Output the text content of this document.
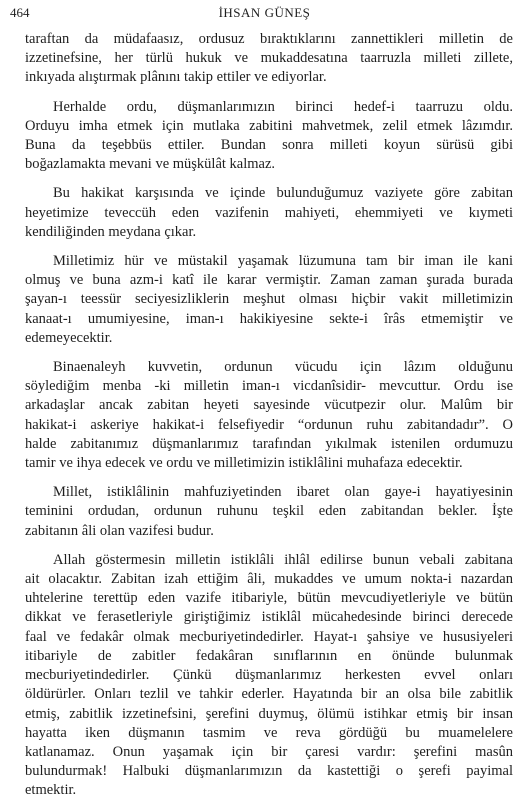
464	İHSAN GÜNEŞ

taraftan da müdafaasız, ordusuz bıraktıklarını zannettikleri milletin de
izzetinefsine, her türlü hukuk ve mukaddesatına taarruzla milleti zillete,
inkıyada alıştırmak plânını takip ettiler ve ediyorlar.

Herhalde ordu, düşmanlarımızın birinci hedef-i taarruzu oldu.
Orduyu imha etmek için mutlaka zabitini mahvetmek, zelil etmek lâzımdır.
Buna da teşebbüs ettiler. Bundan sonra milleti koyun sürüsü gibi
boğazlamakta mevani ve müşkülât kalmaz.

Bu hakikat karşısında ve içinde bulunduğumuz vaziyete göre zabitan
heyetimize teveccüh eden vazifenin mahiyeti, ehemmiyeti ve kıymeti
kendiliğinden meydana çıkar.

Milletimiz hür ve müstakil yaşamak lüzumuna tam bir iman ile kani
olmuş ve buna azm-i katî ile karar vermiştir. Zaman zaman şurada burada
şayan-ı teessür seciyesizliklerin meşhut olması hiçbir vakit milletimizin
kanaat-ı umumiyesine, iman-ı hakikiyesine sekte-i îrâs etmemiştir ve
edemeyecektir.

Binaenaleyh kuvvetin, ordunun vücudu için lâzım olduğunu
söylediğim menba -ki milletin iman-ı vicdanîsidir- mevcuttur. Ordu ise
arkadaşlar ancak zabitan heyeti sayesinde vücutpezir olur. Malûm bir
hakikat-i askeriye hakikat-i felsefiyedir “ordunun ruhu zabitandadır”. O
halde zabitanımız düşmanlarımız tarafından yıkılmak istenilen ordumuzu
tamir ve ihya edecek ve ordu ve milletimizin istiklâlini muhafaza edecektir.

Millet, istiklâlinin mahfuziyetinden ibaret olan gaye-i hayatiyesinin
teminini ordudan, ordunun ruhunu teşkil eden zabitandan bekler. İşte
zabitanın âli olan vazifesi budur.

Allah göstermesin milletin istiklâli ihlâl edilirse bunun vebali zabitana
ait olacaktır. Zabitan izah ettiğim âli, mukaddes ve umum nokta-i nazardan
uhtelerine terettüp eden vazife itibariyle, bütün mevcudiyetleriyle ve bütün
dikkat ve ferasetleriyle giriştiğimiz istiklâl mücahedesinde birinci derecede
faal ve fedakâr olmak mecburiyetindedirler. Hayat-ı şahsiye ve hususiyeleri
itibariyle de zabitler fedakâran sınıflarının en önünde bulunmak
mecburiyetindedirler. Çünkü düşmanlarımız herkesten evvel onları
öldürürler. Onları tezlil ve tahkir ederler. Hayatında bir an olsa bile zabitlik
etmiş, zabitlik izzetinefsini, şerefini duymuş, ölümü istihkar etmiş bir insan
hayatta iken düşmanın tasmim ve reva gördüğü bu muamelelere
katlanamaz. Onun yaşamak için bir çaresi vardır: şerefini masûn
bulundurmak! Halbuki düşmanlarımızın da kastettiği o şerefi payimal
etmektir.
